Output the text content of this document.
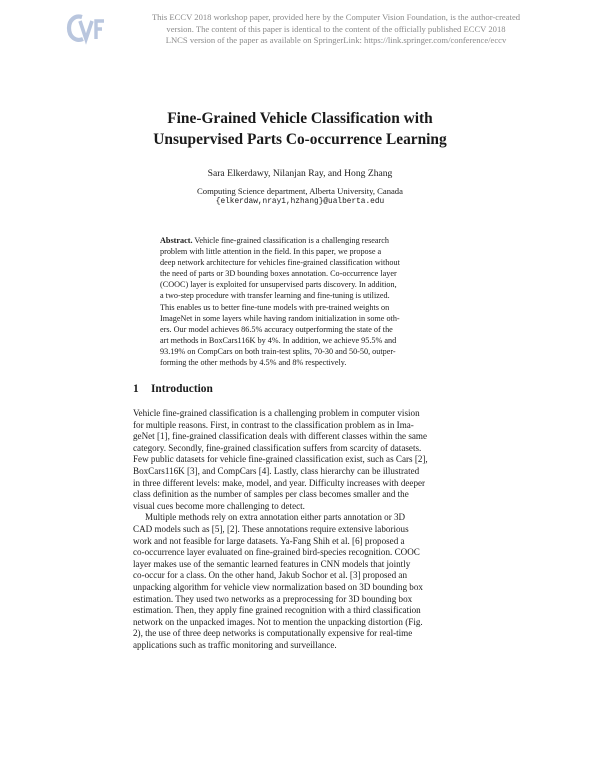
This ECCV 2018 workshop paper, provided here by the Computer Vision Foundation, is the author-created
version. The content of this paper is identical to the content of the officially published ECCV 2018
LNCS version of the paper as available on SpringerLink: https://link.springer.com/conference/eccv
Fine-Grained Vehicle Classification with
Unsupervised Parts Co-occurrence Learning
Sara Elkerdawy, Nilanjan Ray, and Hong Zhang
Computing Science department, Alberta University, Canada
{elkerdaw,nray1,hzhang}@ualberta.edu
Abstract. Vehicle fine-grained classification is a challenging research
problem with little attention in the field. In this paper, we propose a
deep network architecture for vehicles fine-grained classification without
the need of parts or 3D bounding boxes annotation. Co-occurrence layer
(COOC) layer is exploited for unsupervised parts discovery. In addition,
a two-step procedure with transfer learning and fine-tuning is utilized.
This enables us to better fine-tune models with pre-trained weights on
ImageNet in some layers while having random initialization in some oth-
ers. Our model achieves 86.5% accuracy outperforming the state of the
art methods in BoxCars116K by 4%. In addition, we achieve 95.5% and
93.19% on CompCars on both train-test splits, 70-30 and 50-50, outper-
forming the other methods by 4.5% and 8% respectively.
1 Introduction
Vehicle fine-grained classification is a challenging problem in computer vision
for multiple reasons. First, in contrast to the classification problem as in Ima-
geNet [1], fine-grained classification deals with different classes within the same
category. Secondly, fine-grained classification suffers from scarcity of datasets.
Few public datasets for vehicle fine-grained classification exist, such as Cars [2],
BoxCars116K [3], and CompCars [4]. Lastly, class hierarchy can be illustrated
in three different levels: make, model, and year. Difficulty increases with deeper
class definition as the number of samples per class becomes smaller and the
visual cues become more challenging to detect.
Multiple methods rely on extra annotation either parts annotation or 3D
CAD models such as [5], [2]. These annotations require extensive laborious
work and not feasible for large datasets. Ya-Fang Shih et al. [6] proposed a
co-occurrence layer evaluated on fine-grained bird-species recognition. COOC
layer makes use of the semantic learned features in CNN models that jointly
co-occur for a class. On the other hand, Jakub Sochor et al. [3] proposed an
unpacking algorithm for vehicle view normalization based on 3D bounding box
estimation. They used two networks as a preprocessing for 3D bounding box
estimation. Then, they apply fine grained recognition with a third classification
network on the unpacked images. Not to mention the unpacking distortion (Fig.
2), the use of three deep networks is computationally expensive for real-time
applications such as traffic monitoring and surveillance.
